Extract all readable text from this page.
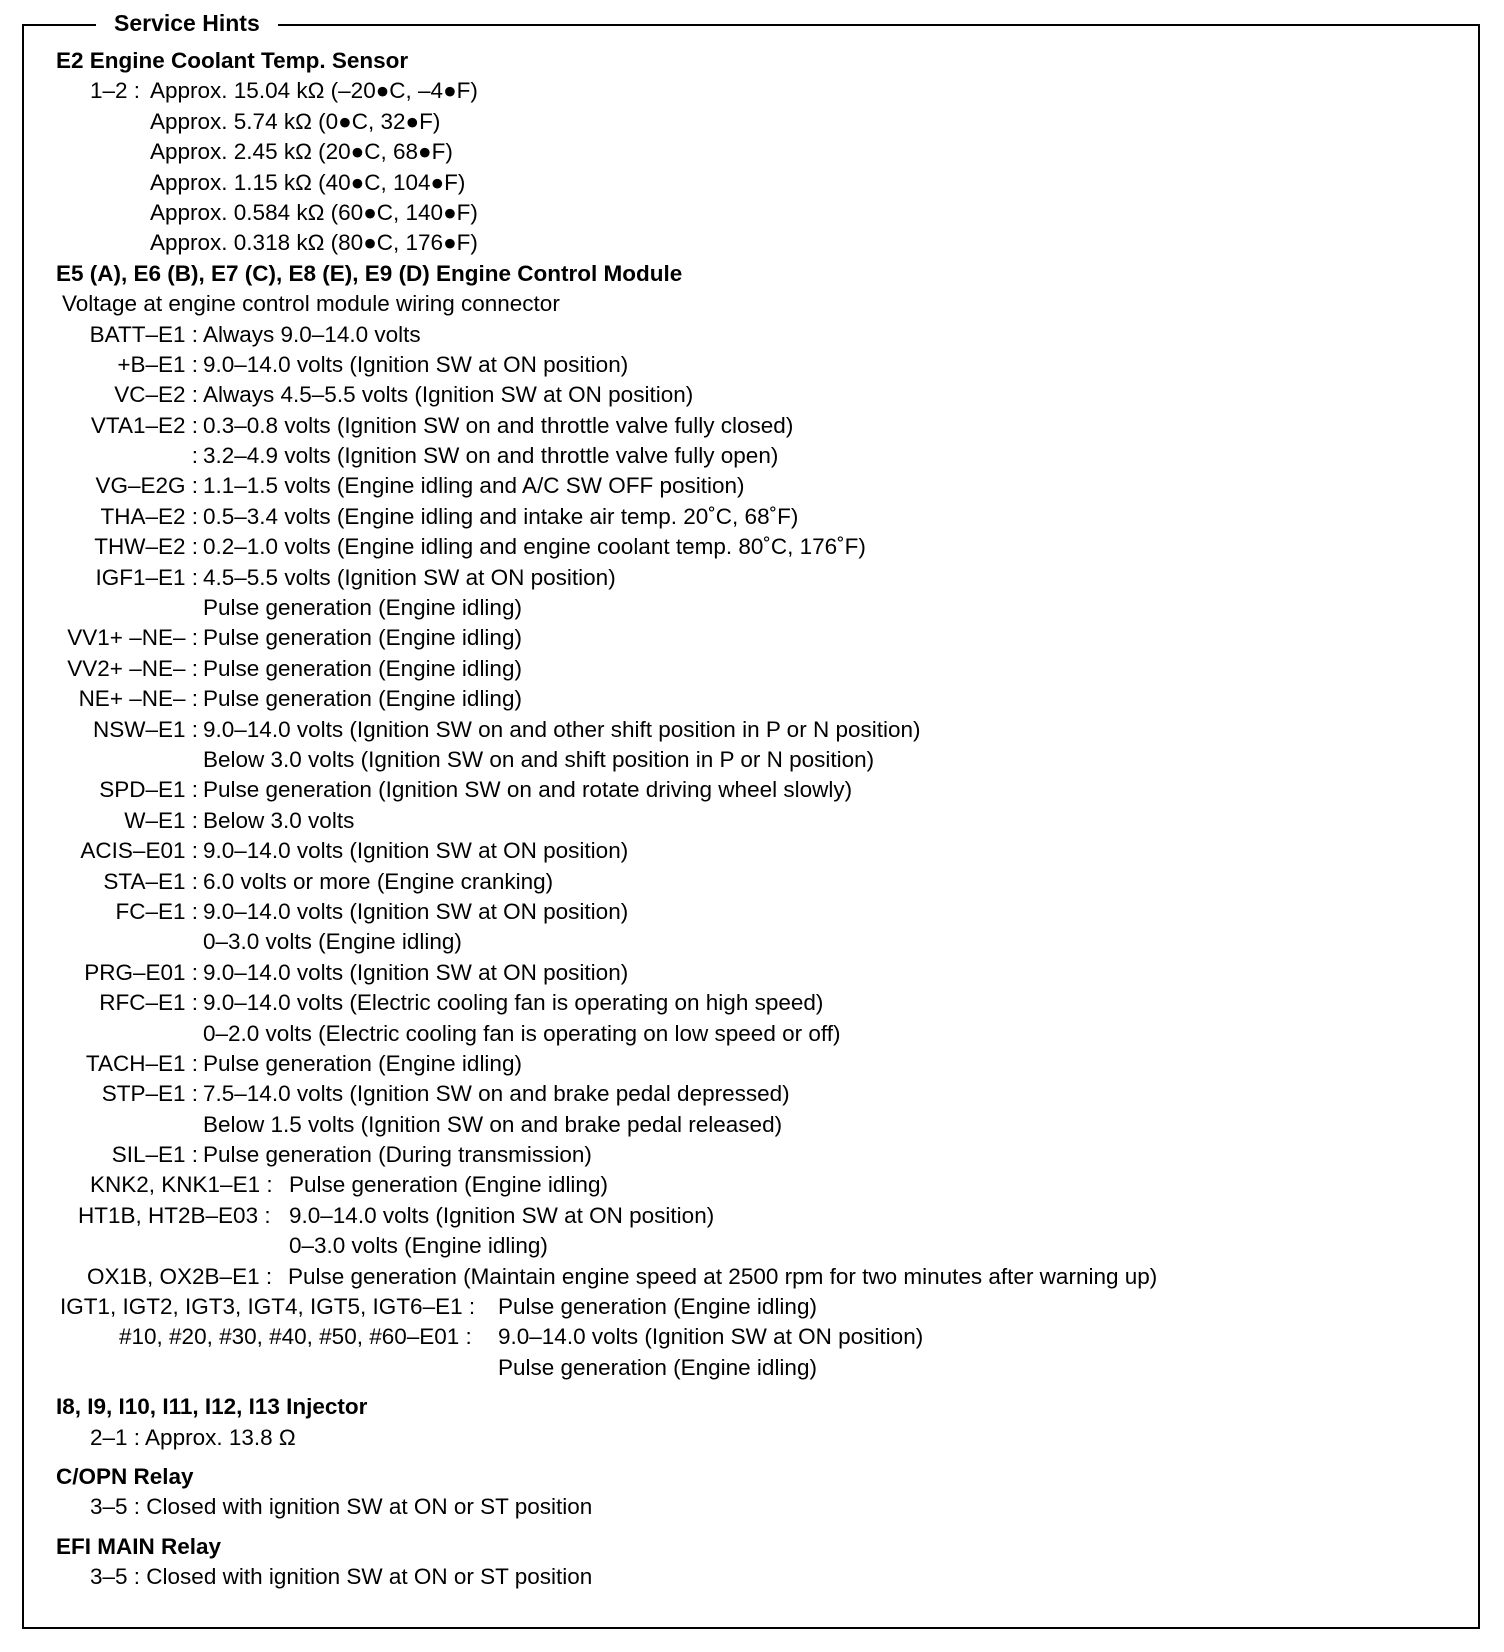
Service Hints
E2 Engine Coolant Temp. Sensor
1–2 : Approx. 15.04 kΩ (–20●C, –4●F)
Approx. 5.74 kΩ (0●C, 32●F)
Approx. 2.45 kΩ (20●C, 68●F)
Approx. 1.15 kΩ (40●C, 104●F)
Approx. 0.584 kΩ (60●C, 140●F)
Approx. 0.318 kΩ (80●C, 176●F)
E5 (A), E6 (B), E7 (C), E8 (E), E9 (D) Engine Control Module
Voltage at engine control module wiring connector
BATT–E1 : Always 9.0–14.0 volts
+B–E1 : 9.0–14.0 volts (Ignition SW at ON position)
VC–E2 : Always 4.5–5.5 volts (Ignition SW at ON position)
VTA1–E2 : 0.3–0.8 volts (Ignition SW on and throttle valve fully closed)
: 3.2–4.9 volts (Ignition SW on and throttle valve fully open)
VG–E2G : 1.1–1.5 volts (Engine idling and A/C SW OFF position)
THA–E2 : 0.5–3.4 volts (Engine idling and intake air temp. 20˚C, 68˚F)
THW–E2 : 0.2–1.0 volts (Engine idling and engine coolant temp. 80˚C, 176˚F)
IGF1–E1 : 4.5–5.5 volts (Ignition SW at ON position)
Pulse generation (Engine idling)
VV1+ –NE– : Pulse generation (Engine idling)
VV2+ –NE– : Pulse generation (Engine idling)
NE+ –NE– : Pulse generation (Engine idling)
NSW–E1 : 9.0–14.0 volts (Ignition SW on and other shift position in P or N position)
Below 3.0 volts (Ignition SW on and shift position in P or N position)
SPD–E1 : Pulse generation (Ignition SW on and rotate driving wheel slowly)
W–E1 : Below 3.0 volts
ACIS–E01 : 9.0–14.0 volts (Ignition SW at ON position)
STA–E1 : 6.0 volts or more (Engine cranking)
FC–E1 : 9.0–14.0 volts (Ignition SW at ON position)
0–3.0 volts (Engine idling)
PRG–E01 : 9.0–14.0 volts (Ignition SW at ON position)
RFC–E1 : 9.0–14.0 volts (Electric cooling fan is operating on high speed)
0–2.0 volts (Electric cooling fan is operating on low speed or off)
TACH–E1 : Pulse generation (Engine idling)
STP–E1 : 7.5–14.0 volts (Ignition SW on and brake pedal depressed)
Below 1.5 volts (Ignition SW on and brake pedal released)
SIL–E1 : Pulse generation (During transmission)
KNK2, KNK1–E1 : Pulse generation (Engine idling)
HT1B, HT2B–E03 : 9.0–14.0 volts (Ignition SW at ON position)
0–3.0 volts (Engine idling)
OX1B, OX2B–E1 : Pulse generation (Maintain engine speed at 2500 rpm for two minutes after warning up)
IGT1, IGT2, IGT3, IGT4, IGT5, IGT6–E1 : Pulse generation (Engine idling)
#10, #20, #30, #40, #50, #60–E01 : 9.0–14.0 volts (Ignition SW at ON position)
Pulse generation (Engine idling)
I8, I9, I10, I11, I12, I13 Injector
2–1 : Approx. 13.8 Ω
C/OPN Relay
3–5 : Closed with ignition SW at ON or ST position
EFI MAIN Relay
3–5 : Closed with ignition SW at ON or ST position
